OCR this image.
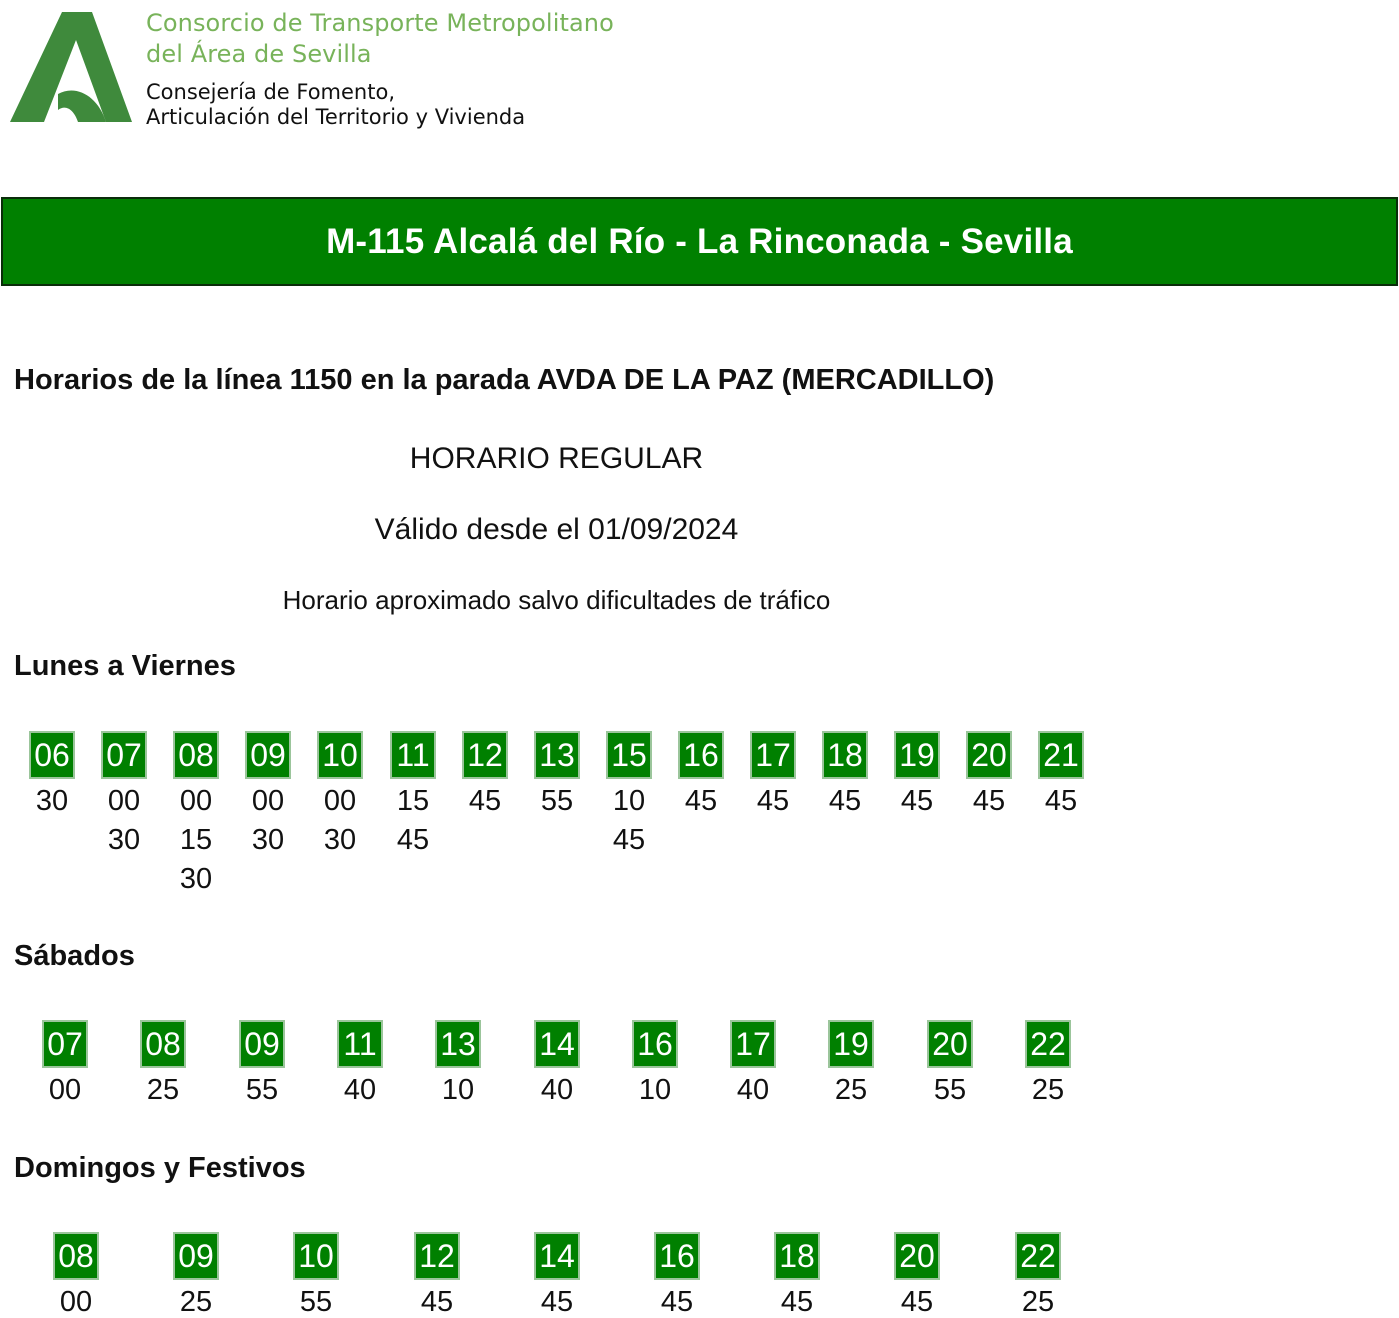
Consorcio de Transporte Metropolitano
del Área de Sevilla
Consejería de Fomento,
Articulación del Territorio y Vivienda
M-115 Alcalá del Río - La Rinconada - Sevilla
Horarios de la línea 1150 en la parada AVDA DE LA PAZ (MERCADILLO)
HORARIO REGULAR
Válido desde el 01/09/2024
Horario aproximado salvo dificultades de tráfico
Lunes a Viernes
Sábados
Domingos y Festivos
06
30
07
00
30
08
00
15
30
09
00
30
10
00
30
11
15
45
12
45
13
55
15
10
45
16
45
17
45
18
45
19
45
20
45
21
45
07
00
08
25
09
55
11
40
13
10
14
40
16
10
17
40
19
25
20
55
22
25
08
00
09
25
10
55
12
45
14
45
16
45
18
45
20
45
22
25
